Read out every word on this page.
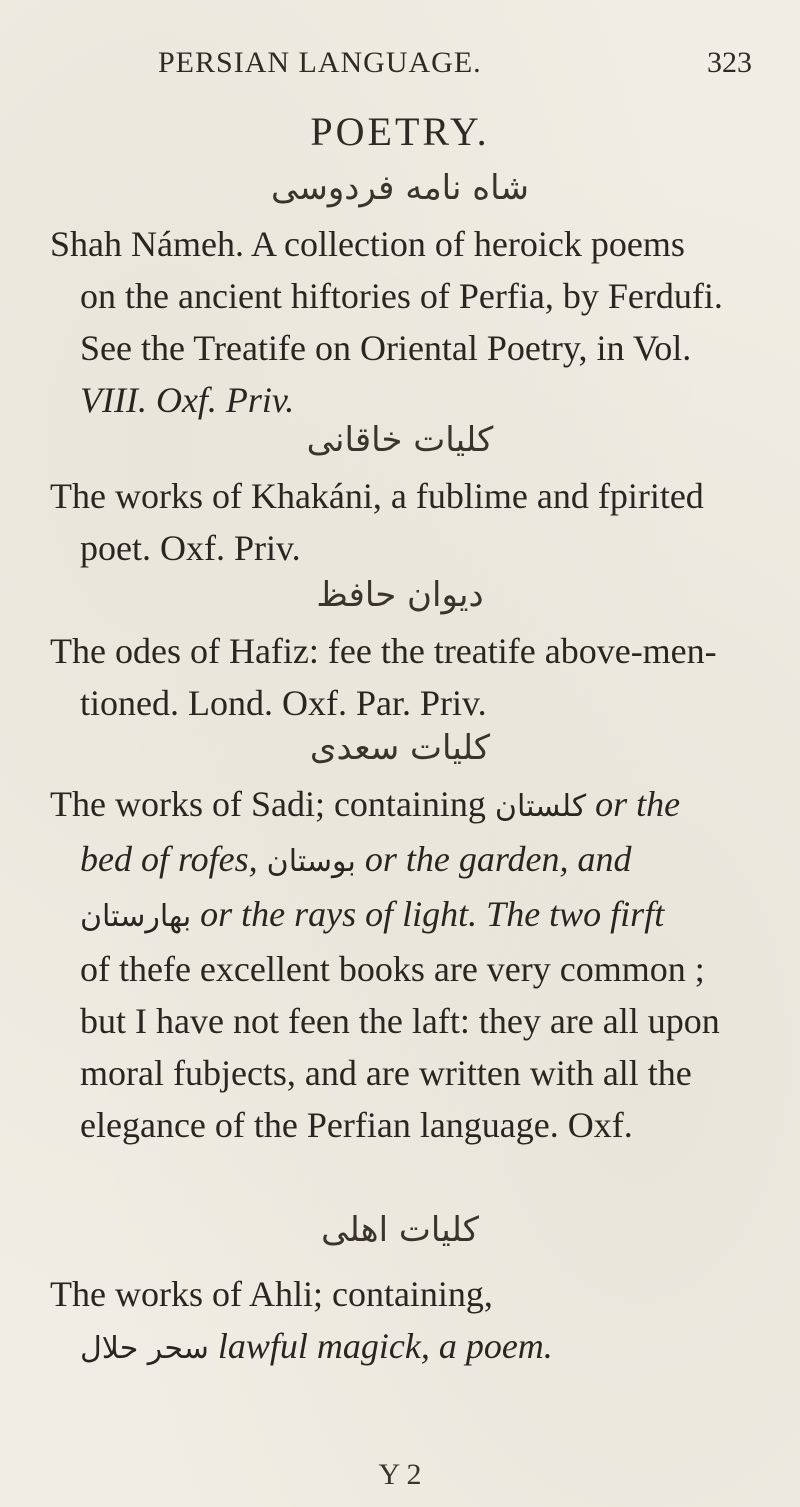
PERSIAN LANGUAGE.	323
POETRY.
شاه نامه فردوسی
Shah Námeh. A collection of heroick poems
on the ancient hiftories of Perfia, by Ferdufi.
See the Treatife on Oriental Poetry, in Vol.
VIII. Oxf. Priv.
کلیات خاقانی
The works of Khakáni, a fublime and fpirited
poet. Oxf. Priv.
دیوان حافظ
The odes of Hafiz: fee the treatife above-men-
tioned. Lond. Oxf. Par. Priv.
کلیات سعدی
The works of Sadi; containing کلستان or the
bed of rofes, بوستان or the garden, and
بهارستان or the rays of light. The two firft
of thefe excellent books are very common ;
but I have not feen the laft: they are all upon
moral fubjects, and are written with all the
elegance of the Perfian language. Oxf.
کلیات اهلی
The works of Ahli; containing,
سحر حلال lawful magick, a poem.
Y 2
